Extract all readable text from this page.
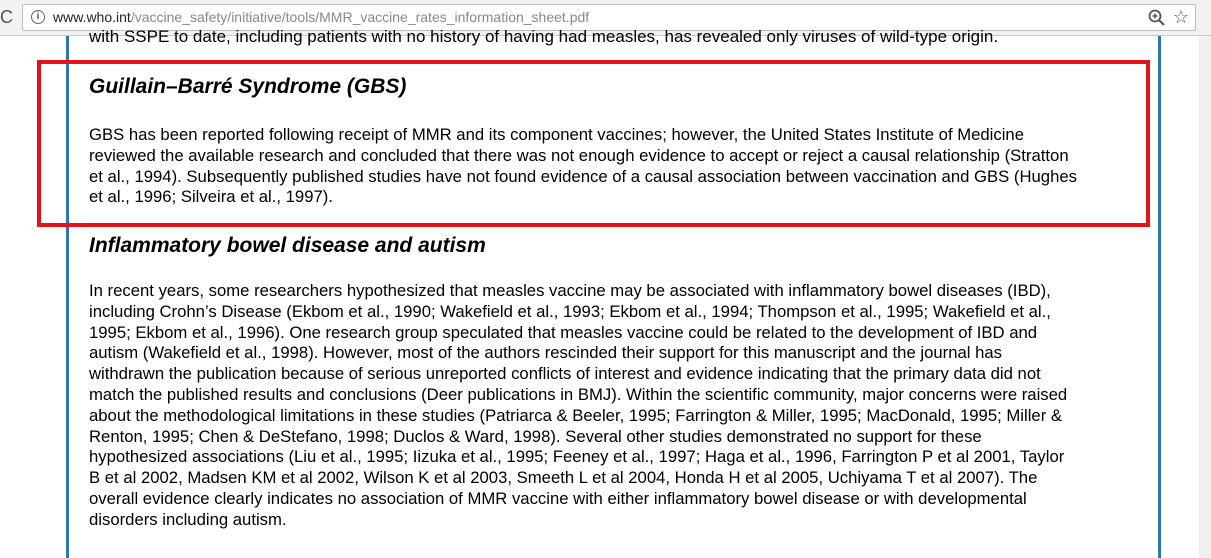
C	i www.who.int/vaccine_safety/initiative/tools/MMR_vaccine_rates_information_sheet.pdf	☆
with SSPE to date, including patients with no history of having had measles, has revealed only viruses of wild-type origin.
Guillain–Barré Syndrome (GBS)
GBS has been reported following receipt of MMR and its component vaccines; however, the United States Institute of Medicine
reviewed the available research and concluded that there was not enough evidence to accept or reject a causal relationship (Stratton
et al., 1994). Subsequently published studies have not found evidence of a causal association between vaccination and GBS (Hughes
et al., 1996; Silveira et al., 1997).
Inflammatory bowel disease and autism
In recent years, some researchers hypothesized that measles vaccine may be associated with inflammatory bowel diseases (IBD),
including Crohn’s Disease (Ekbom et al., 1990; Wakefield et al., 1993; Ekbom et al., 1994; Thompson et al., 1995; Wakefield et al.,
1995; Ekbom et al., 1996). One research group speculated that measles vaccine could be related to the development of IBD and
autism (Wakefield et al., 1998). However, most of the authors rescinded their support for this manuscript and the journal has
withdrawn the publication because of serious unreported conflicts of interest and evidence indicating that the primary data did not
match the published results and conclusions (Deer publications in BMJ). Within the scientific community, major concerns were raised
about the methodological limitations in these studies (Patriarca & Beeler, 1995; Farrington & Miller, 1995; MacDonald, 1995; Miller &
Renton, 1995; Chen & DeStefano, 1998; Duclos & Ward, 1998). Several other studies demonstrated no support for these
hypothesized associations (Liu et al., 1995; Iizuka et al., 1995; Feeney et al., 1997; Haga et al., 1996, Farrington P et al 2001, Taylor
B et al 2002, Madsen KM et al 2002, Wilson K et al 2003, Smeeth L et al 2004, Honda H et al 2005, Uchiyama T et al 2007). The
overall evidence clearly indicates no association of MMR vaccine with either inflammatory bowel disease or with developmental
disorders including autism.
